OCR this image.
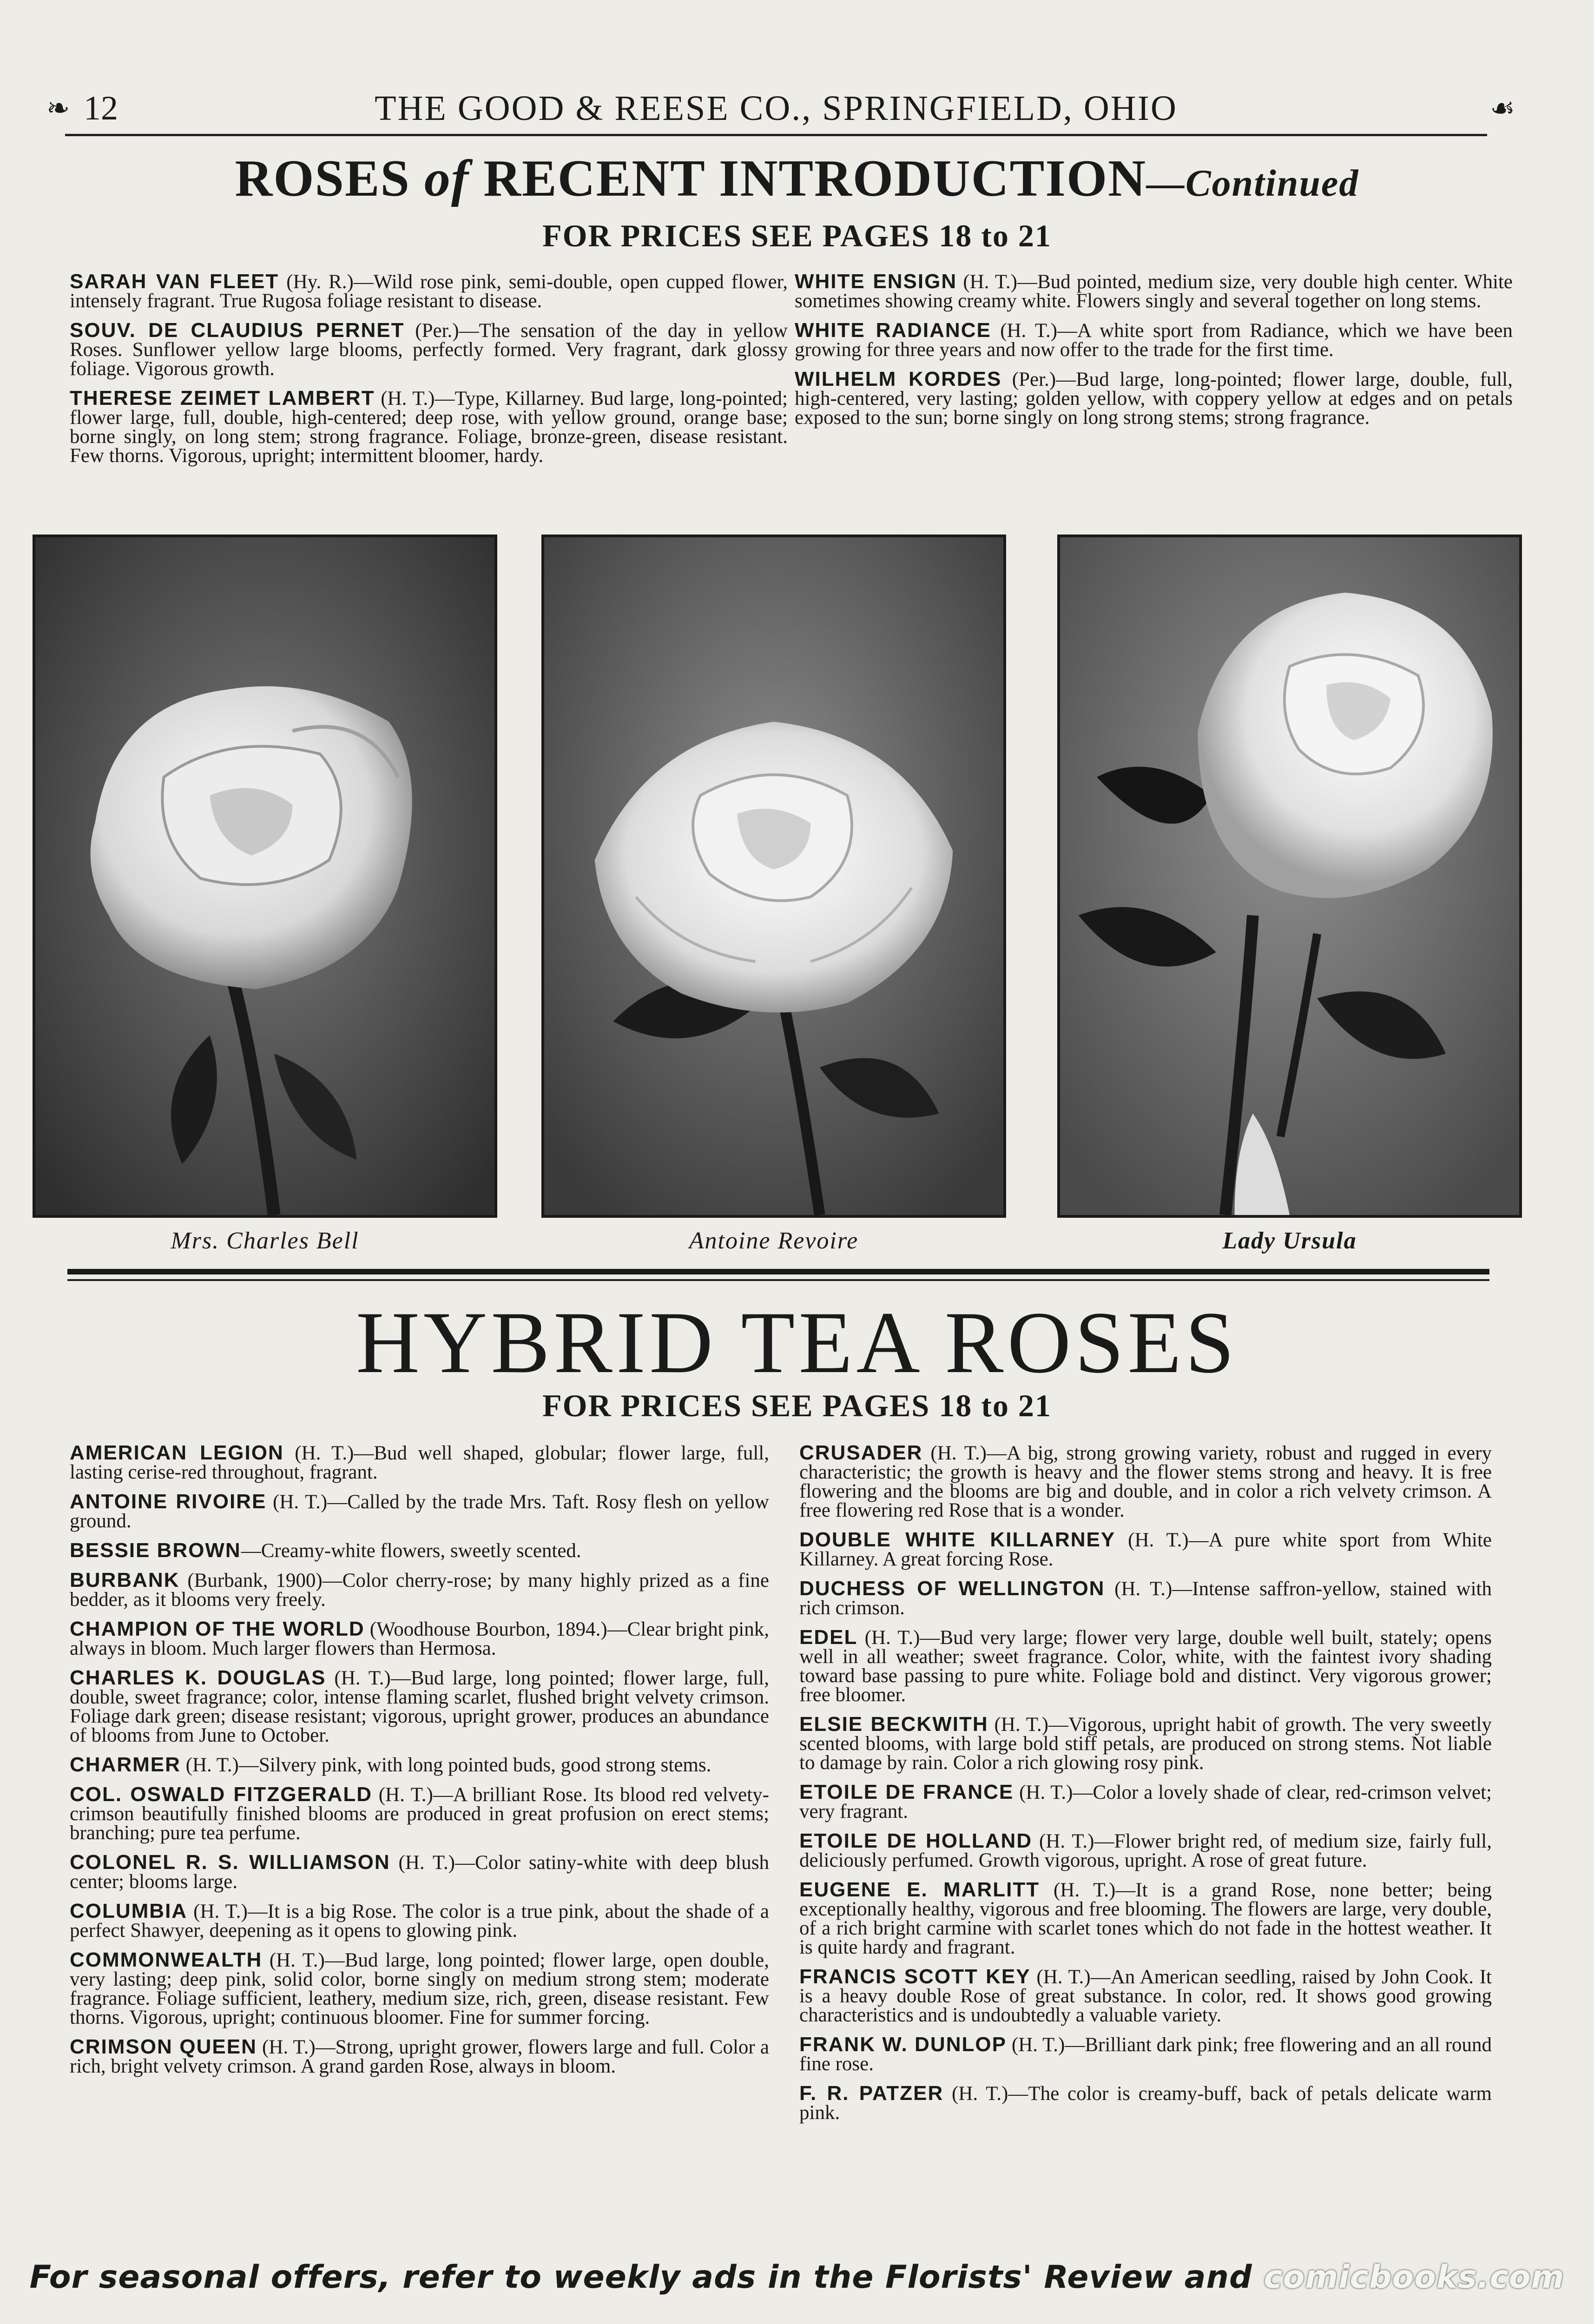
❧ 12	THE GOOD & REESE CO., SPRINGFIELD, OHIO	☙
ROSES of RECENT INTRODUCTION—Continued
FOR PRICES SEE PAGES 18 to 21
SARAH VAN FLEET (Hy. R.)—Wild rose pink, semi-double, open cupped flower, intensely fragrant. True Rugosa foliage resistant to disease.
SOUV. DE CLAUDIUS PERNET (Per.)—The sensation of the day in yellow Roses. Sunflower yellow large blooms, perfectly formed. Very fragrant, dark glossy foliage. Vigorous growth.
THERESE ZEIMET LAMBERT (H. T.)—Type, Killarney. Bud large, long-pointed; flower large, full, double, high-centered; deep rose, with yellow ground, orange base; borne singly, on long stem; strong fragrance. Foliage, bronze-green, disease resistant. Few thorns. Vigorous, upright; intermittent bloomer, hardy.
WHITE ENSIGN (H. T.)—Bud pointed, medium size, very double high center. White sometimes showing creamy white. Flowers singly and several together on long stems.
WHITE RADIANCE (H. T.)—A white sport from Radiance, which we have been growing for three years and now offer to the trade for the first time.
WILHELM KORDES (Per.)—Bud large, long-pointed; flower large, double, full, high-centered, very lasting; golden yellow, with coppery yellow at edges and on petals exposed to the sun; borne singly on long strong stems; strong fragrance.
Mrs. Charles Bell	Antoine Revoire	Lady Ursula
HYBRID TEA ROSES
FOR PRICES SEE PAGES 18 to 21
AMERICAN LEGION (H. T.)—Bud well shaped, globular; flower large, full, lasting cerise-red throughout, fragrant.
ANTOINE RIVOIRE (H. T.)—Called by the trade Mrs. Taft. Rosy flesh on yellow ground.
BESSIE BROWN—Creamy-white flowers, sweetly scented.
BURBANK (Burbank, 1900)—Color cherry-rose; by many highly prized as a fine bedder, as it blooms very freely.
CHAMPION OF THE WORLD (Woodhouse Bourbon, 1894.)—Clear bright pink, always in bloom. Much larger flowers than Hermosa.
CHARLES K. DOUGLAS (H. T.)—Bud large, long pointed; flower large, full, double, sweet fragrance; color, intense flaming scarlet, flushed bright velvety crimson. Foliage dark green; disease resistant; vigorous, upright grower, produces an abundance of blooms from June to October.
CHARMER (H. T.)—Silvery pink, with long pointed buds, good strong stems.
COL. OSWALD FITZGERALD (H. T.)—A brilliant Rose. Its blood red velvety-crimson beautifully finished blooms are produced in great profusion on erect stems; branching; pure tea perfume.
COLONEL R. S. WILLIAMSON (H. T.)—Color satiny-white with deep blush center; blooms large.
COLUMBIA (H. T.)—It is a big Rose. The color is a true pink, about the shade of a perfect Shawyer, deepening as it opens to glowing pink.
COMMONWEALTH (H. T.)—Bud large, long pointed; flower large, open double, very lasting; deep pink, solid color, borne singly on medium strong stem; moderate fragrance. Foliage sufficient, leathery, medium size, rich, green, disease resistant. Few thorns. Vigorous, upright; continuous bloomer. Fine for summer forcing.
CRIMSON QUEEN (H. T.)—Strong, upright grower, flowers large and full. Color a rich, bright velvety crimson. A grand garden Rose, always in bloom.
CRUSADER (H. T.)—A big, strong growing variety, robust and rugged in every characteristic; the growth is heavy and the flower stems strong and heavy. It is free flowering and the blooms are big and double, and in color a rich velvety crimson. A free flowering red Rose that is a wonder.
DOUBLE WHITE KILLARNEY (H. T.)—A pure white sport from White Killarney. A great forcing Rose.
DUCHESS OF WELLINGTON (H. T.)—Intense saffron-yellow, stained with rich crimson.
EDEL (H. T.)—Bud very large; flower very large, double well built, stately; opens well in all weather; sweet fragrance. Color, white, with the faintest ivory shading toward base passing to pure white. Foliage bold and distinct. Very vigorous grower; free bloomer.
ELSIE BECKWITH (H. T.)—Vigorous, upright habit of growth. The very sweetly scented blooms, with large bold stiff petals, are produced on strong stems. Not liable to damage by rain. Color a rich glowing rosy pink.
ETOILE DE FRANCE (H. T.)—Color a lovely shade of clear, red-crimson velvet; very fragrant.
ETOILE DE HOLLAND (H. T.)—Flower bright red, of medium size, fairly full, deliciously perfumed. Growth vigorous, upright. A rose of great future.
EUGENE E. MARLITT (H. T.)—It is a grand Rose, none better; being exceptionally healthy, vigorous and free blooming. The flowers are large, very double, of a rich bright carmine with scarlet tones which do not fade in the hottest weather. It is quite hardy and fragrant.
FRANCIS SCOTT KEY (H. T.)—An American seedling, raised by John Cook. It is a heavy double Rose of great substance. In color, red. It shows good growing characteristics and is undoubtedly a valuable variety.
FRANK W. DUNLOP (H. T.)—Brilliant dark pink; free flowering and an all round fine rose.
F. R. PATZER (H. T.)—The color is creamy-buff, back of petals delicate warm pink.
For seasonal offers, refer to weekly ads in the Florists' Review and comicbooks.com
